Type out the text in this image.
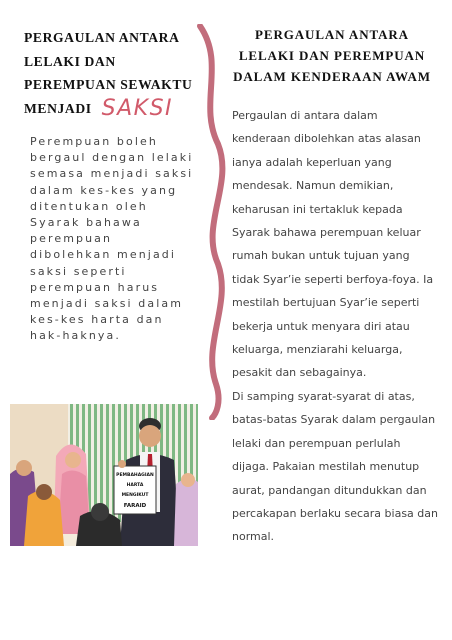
PERGAULAN ANTARA
LELAKI DAN
PEREMPUAN SEWAKTU
MENJADI SAKSI
Perempuan boleh
bergaul dengan lelaki
semasa menjadi saksi
dalam kes-kes yang
ditentukan oleh
Syarak bahawa
perempuan
dibolehkan menjadi
saksi seperti
perempuan harus
menjadi saksi dalam
kes-kes harta dan
hak-haknya.
PERGAULAN ANTARA
LELAKI DAN PEREMPUAN
DALAM KENDERAAN AWAM
Pergaulan di antara dalam
kenderaan dibolehkan atas alasan
ianya adalah keperluan yang
mendesak. Namun demikian,
keharusan ini tertakluk kepada
Syarak bahawa perempuan keluar
rumah bukan untuk tujuan yang
tidak Syar’ie seperti berfoya-foya. Ia
mestilah bertujuan Syar’ie seperti
bekerja untuk menyara diri atau
keluarga, menziarahi keluarga,
pesakit dan sebagainya.
Di samping syarat-syarat di atas,
batas-batas Syarak dalam pergaulan
lelaki dan perempuan perlulah
dijaga. Pakaian mestilah menutup
aurat, pandangan ditundukkan dan
percakapan berlaku secara biasa dan
normal.
PEMBAHAGIAN
HARTA
MENGIKUT
FARAID
